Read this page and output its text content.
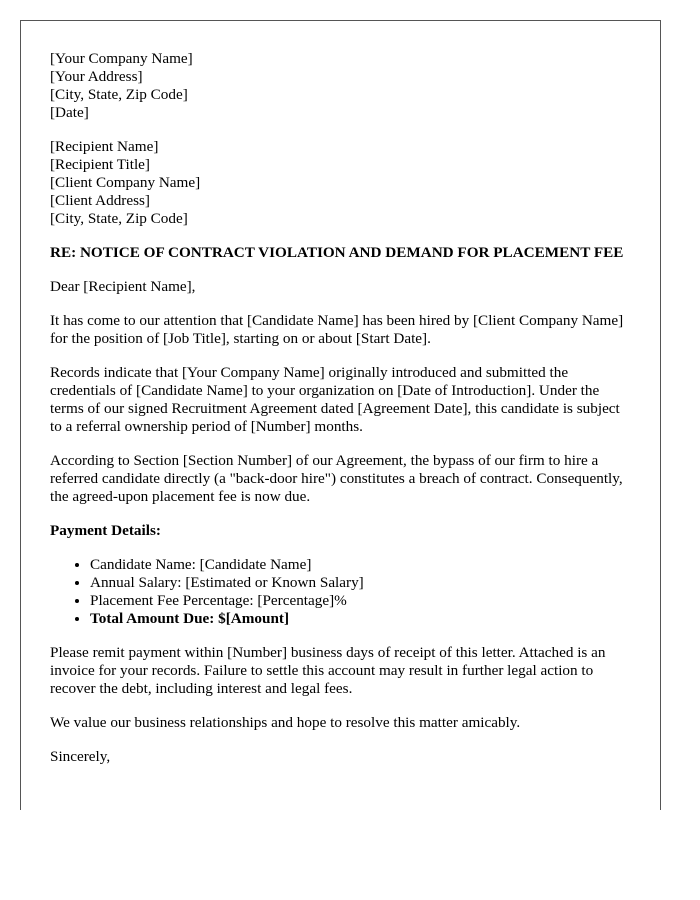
[Your Company Name]
[Your Address]
[City, State, Zip Code]
[Date]
[Recipient Name]
[Recipient Title]
[Client Company Name]
[Client Address]
[City, State, Zip Code]

RE: NOTICE OF CONTRACT VIOLATION AND DEMAND FOR PLACEMENT FEE

Dear [Recipient Name],

It has come to our attention that [Candidate Name] has been hired by [Client Company Name] for the position of [Job Title], starting on or about [Start Date].

Records indicate that [Your Company Name] originally introduced and submitted the credentials of [Candidate Name] to your organization on [Date of Introduction]. Under the terms of our signed Recruitment Agreement dated [Agreement Date], this candidate is subject to a referral ownership period of [Number] months.

According to Section [Section Number] of our Agreement, the bypass of our firm to hire a referred candidate directly (a "back-door hire") constitutes a breach of contract. Consequently, the agreed-upon placement fee is now due.

Payment Details:

• Candidate Name: [Candidate Name]
• Annual Salary: [Estimated or Known Salary]
• Placement Fee Percentage: [Percentage]%
• Total Amount Due: $[Amount]

Please remit payment within [Number] business days of receipt of this letter. Attached is an invoice for your records. Failure to settle this account may result in further legal action to recover the debt, including interest and legal fees.

We value our business relationships and hope to resolve this matter amicably.

Sincerely,
